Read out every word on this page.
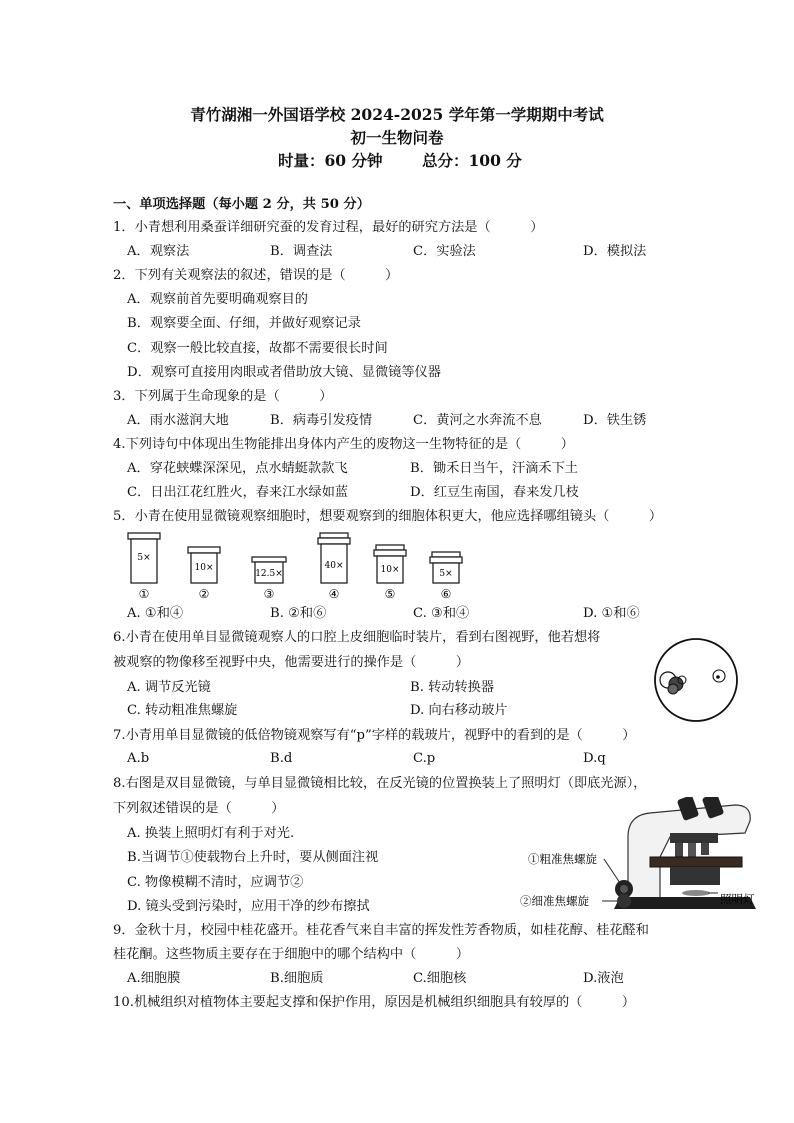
青竹湖湘一外国语学校 2024-2025 学年第一学期期中考试
初一生物问卷
时量：60 分钟	总分：100 分
一、单项选择题（每小题 2 分，共 50 分）
1．小青想利用桑蚕详细研究蚕的发育过程，最好的研究方法是（　　　）
A．观察法	B．调查法	C．实验法	D．模拟法
2．下列有关观察法的叙述，错误的是（　　　）
A．观察前首先要明确观察目的
B．观察要全面、仔细，并做好观察记录
C．观察一般比较直接，故都不需要很长时间
D．观察可直接用肉眼或者借助放大镜、显微镜等仪器
3．下列属于生命现象的是（　　　）
A．雨水滋润大地	B．病毒引发疫情	C．黄河之水奔流不息	D．铁生锈
4.下列诗句中体现出生物能排出身体内产生的废物这一生物特征的是（　　　）
A．穿花蛱蝶深深见，点水蜻蜓款款飞	B．锄禾日当午，汗滴禾下土
C．日出江花红胜火，春来江水绿如蓝	D．红豆生南国，春来发几枝
5．小青在使用显微镜观察细胞时，想要观察到的细胞体积更大，他应选择哪组镜头（　　　）
5×
10×
12.5×
40×	10×	5×
①	②	③	④	⑤	⑥
A. ①和④	B. ②和⑥	C. ③和④	D. ①和⑥
6.小青在使用单目显微镜观察人的口腔上皮细胞临时装片，看到右图视野，他若想将
被观察的物像移至视野中央，他需要进行的操作是（　　　）
A. 调节反光镜	B. 转动转换器
C. 转动粗准焦螺旋	D. 向右移动玻片
7.小青用单目显微镜的低倍物镜观察写有“p”字样的载玻片，视野中的看到的是（　　　）
A.b	B.d	C.p	D.q
8.右图是双目显微镜，与单目显微镜相比较，在反光镜的位置换装上了照明灯（即底光源），
下列叙述错误的是（　　　）
A. 换装上照明灯有利于对光.
B.当调节①使载物台上升时，要从侧面注视
C. 物像模糊不清时，应调节②
D. 镜头受到污染时，应用干净的纱布擦拭
①粗准焦螺旋
②细准焦螺旋	照明灯
9．金秋十月，校园中桂花盛开。桂花香气来自丰富的挥发性芳香物质，如桂花醇、桂花醛和
桂花酮。这些物质主要存在于细胞中的哪个结构中（　　　）
A.细胞膜	B.细胞质	C.细胞核	D.液泡
10.机械组织对植物体主要起支撑和保护作用，原因是机械组织细胞具有较厚的（　　　）
